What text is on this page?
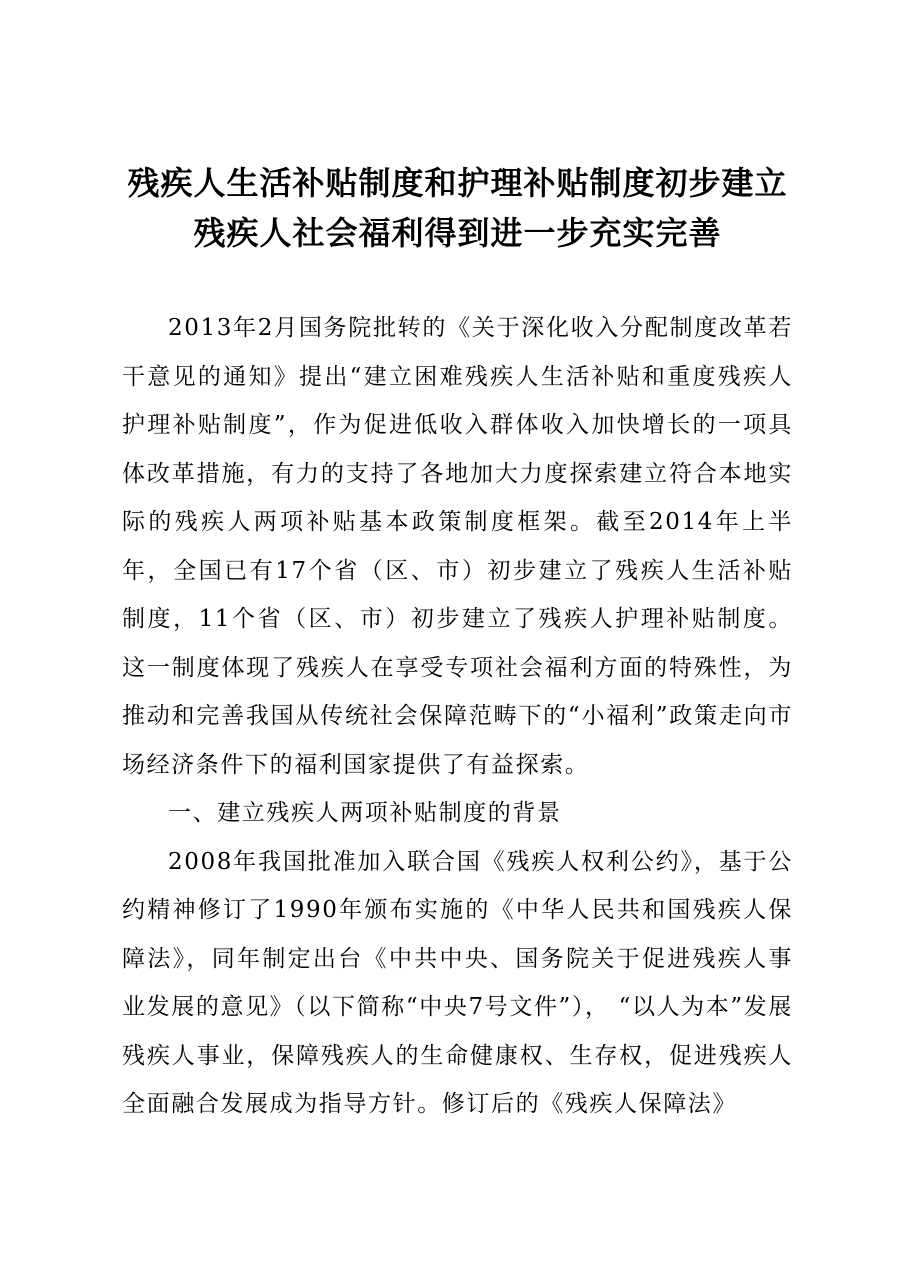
残疾人生活补贴制度和护理补贴制度初步建立
残疾人社会福利得到进一步充实完善

2013年2月国务院批转的《关于深化收入分配制度改革若干意见的通知》提出“建立困难残疾人生活补贴和重度残疾人护理补贴制度”，作为促进低收入群体收入加快增长的一项具体改革措施，有力的支持了各地加大力度探索建立符合本地实际的残疾人两项补贴基本政策制度框架。截至2014年上半年，全国已有17个省（区、市）初步建立了残疾人生活补贴制度，11个省（区、市）初步建立了残疾人护理补贴制度。这一制度体现了残疾人在享受专项社会福利方面的特殊性，为推动和完善我国从传统社会保障范畴下的“小福利”政策走向市场经济条件下的福利国家提供了有益探索。

一、建立残疾人两项补贴制度的背景

2008年我国批准加入联合国《残疾人权利公约》，基于公约精神修订了1990年颁布实施的《中华人民共和国残疾人保障法》，同年制定出台《中共中央、国务院关于促进残疾人事业发展的意见》（以下简称“中央7号文件”）， “以人为本”发展残疾人事业，保障残疾人的生命健康权、生存权，促进残疾人全面融合发展成为指导方针。修订后的《残疾人保障法》
